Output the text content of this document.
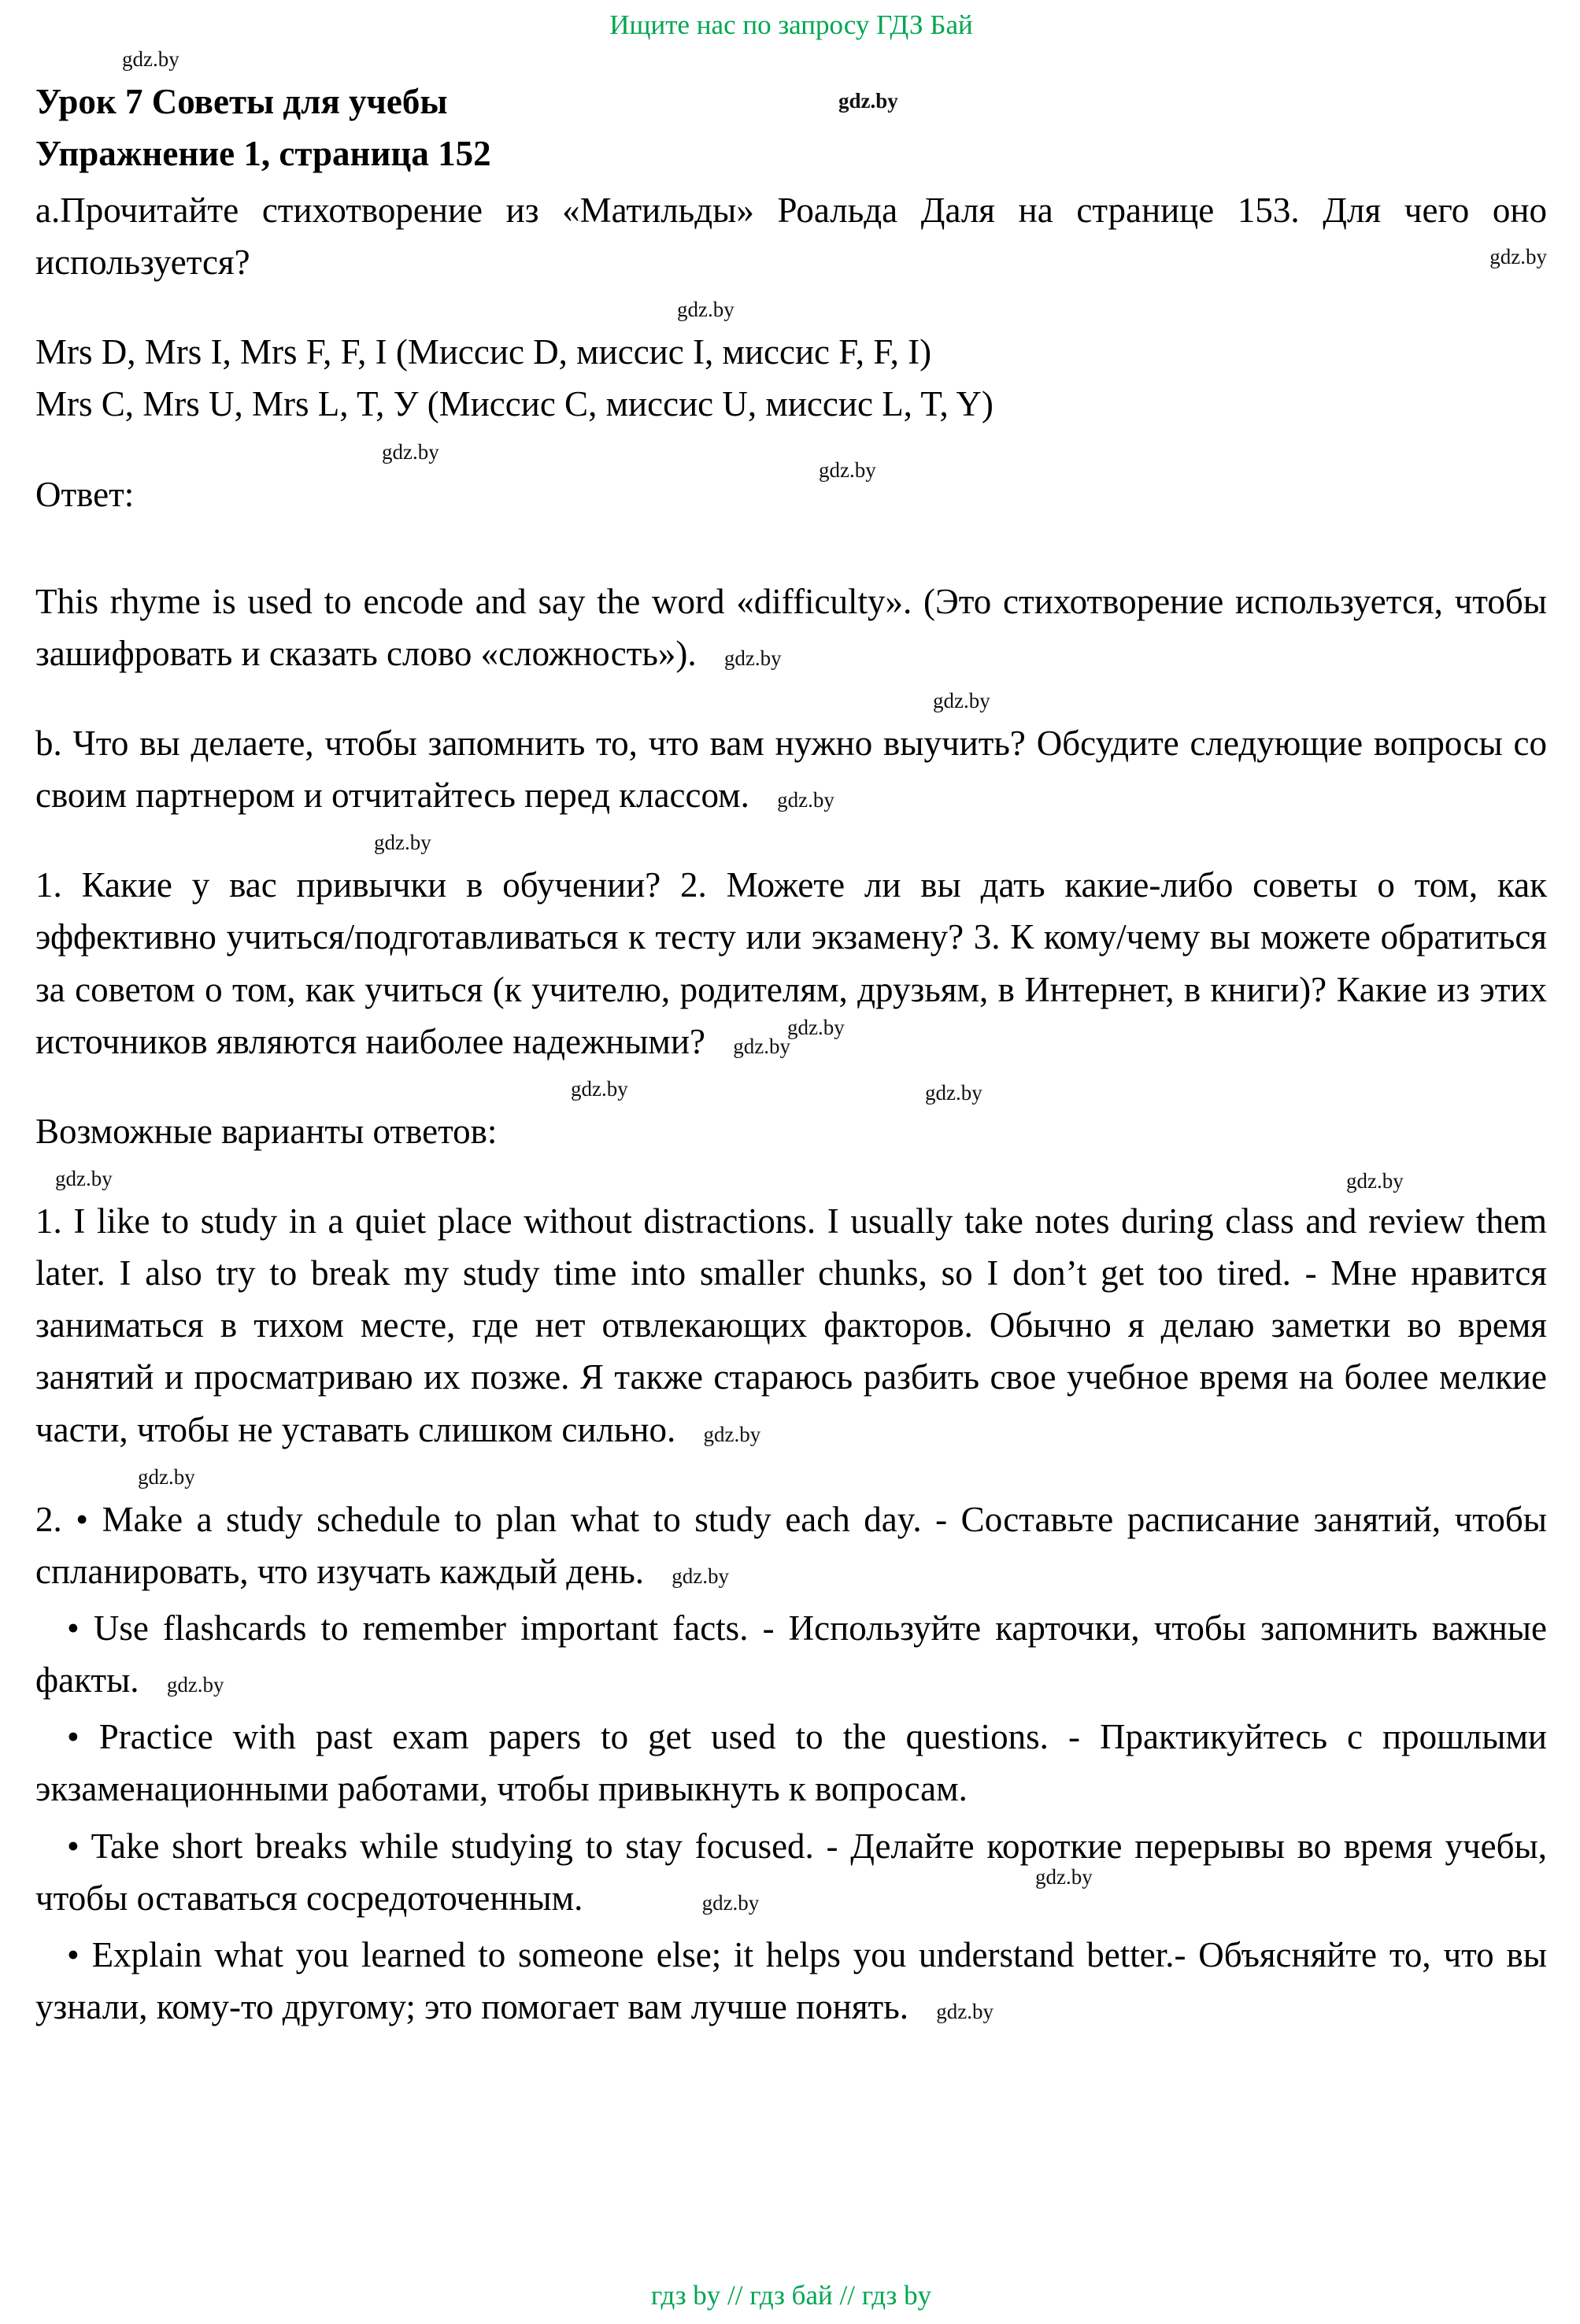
Ищите нас по запросу ГДЗ Бай
gdz.by

Урок 7 Советы для учебы	gdz.by

Упражнение 1, страница 152

а.Прочитайте стихотворение из «Матильды» Роальда Даля на странице 153. Для чего оно используется?	gdz.by

gdz.by

Mrs D, Mrs I, Mrs F, F, I (Миссис D, миссис I, миссис F, F, I)

Mrs C, Mrs U, Mrs L, T, У (Миссис C, миссис U, миссис L, T, Y)

gdz.by

Ответ:
gdz.by

This rhyme is used to encode and say the word «difficulty». (Это стихотворение используется, чтобы зашифровать и сказать слово «сложность»). gdz.by

gdz.by

b. Что вы делаете, чтобы запомнить то, что вам нужно выучить? Обсудите следующие вопросы со своим партнером и отчитайтесь перед классом. gdz.by

gdz.by

1. Какие у вас привычки в обучении? 2. Можете ли вы дать какие-либо советы о том, как эффективно учиться/подготавливаться к тесту или экзамену? 3. К кому/чему вы можете обратиться за советом о том, как учиться (к учителю, родителям, друзьям, в Интернет, в книги)? Какие из этих источников являются наиболее надежными?	gdz.by
gdz.by

gdz.by

Возможные варианты ответов:
gdz.by

gdz.by

1. I like to study in a quiet place without distractions. I usually take notes during class and review them later. I also try to break my study time into smaller chunks, so I don’t get too tired. - Мне нравится заниматься в тихом месте, где нет отвлекающих факторов. Обычно я делаю заметки во время занятий и просматриваю их позже. Я также стараюсь разбить свое учебное время на более мелкие части, чтобы не уставать слишком сильно.
gdz.by
gdz.by

gdz.by

2. • Make a study schedule to plan what to study each day. - Составьте расписание занятий, чтобы спланировать, что изучать каждый день. gdz.by

• Use flashcards to remember important facts. - Используйте карточки, чтобы запомнить важные факты. gdz.by

• Practice with past exam papers to get used to the questions. - Практикуйтесь с прошлыми экзаменационными работами, чтобы привыкнуть к вопросам.

• Take short breaks while studying to stay focused. - Делайте короткие перерывы во время учебы, чтобы оставаться сосредоточенным.
gdz.by
gdz.by

• Explain what you learned to someone else; it helps you understand better.- Объясняйте то, что вы узнали, кому-то другому; это помогает вам лучше понять. gdz.by

гдз by // гдз бай // гдз by
